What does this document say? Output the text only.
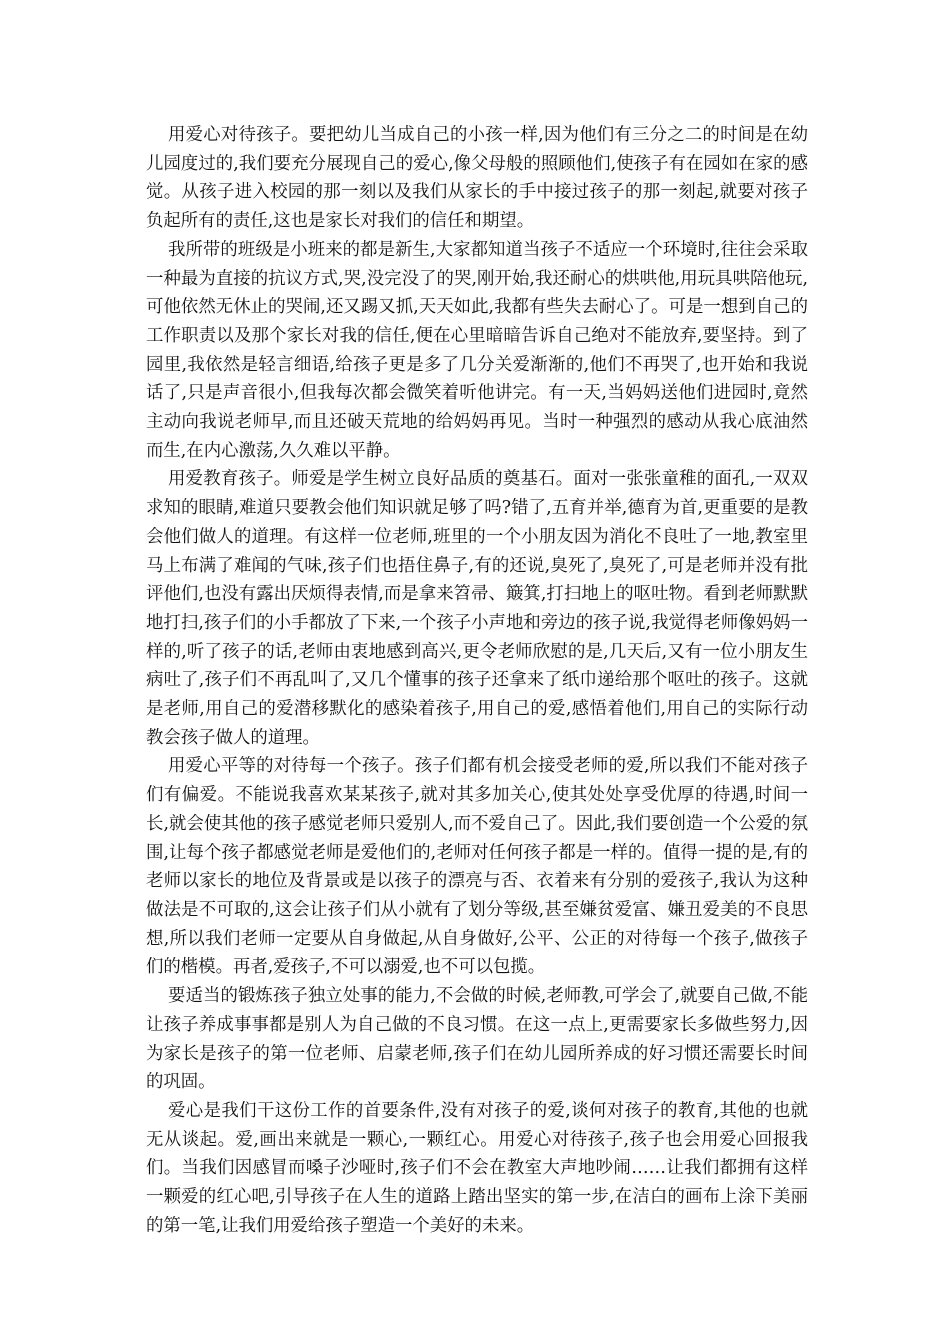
用爱心对待孩子。要把幼儿当成自己的小孩一样,因为他们有三分之二的时间是在幼儿园度过的,我们要充分展现自己的爱心,像父母般的照顾他们,使孩子有在园如在家的感觉。从孩子进入校园的那一刻以及我们从家长的手中接过孩子的那一刻起,就要对孩子负起所有的责任,这也是家长对我们的信任和期望。

我所带的班级是小班来的都是新生,大家都知道当孩子不适应一个环境时,往往会采取一种最为直接的抗议方式,哭,没完没了的哭,刚开始,我还耐心的烘哄他,用玩具哄陪他玩,可他依然无休止的哭闹,还又踢又抓,天天如此,我都有些失去耐心了。可是一想到自己的工作职责以及那个家长对我的信任,便在心里暗暗告诉自己绝对不能放弃,要坚持。到了园里,我依然是轻言细语,给孩子更是多了几分关爱渐渐的,他们不再哭了,也开始和我说话了,只是声音很小,但我每次都会微笑着听他讲完。有一天,当妈妈送他们进园时,竟然主动向我说老师早,而且还破天荒地的给妈妈再见。当时一种强烈的感动从我心底油然而生,在内心激荡,久久难以平静。

用爱教育孩子。师爱是学生树立良好品质的奠基石。面对一张张童稚的面孔,一双双求知的眼睛,难道只要教会他们知识就足够了吗?错了,五育并举,德育为首,更重要的是教会他们做人的道理。有这样一位老师,班里的一个小朋友因为消化不良吐了一地,教室里马上布满了难闻的气味,孩子们也捂住鼻子,有的还说,臭死了,臭死了,可是老师并没有批评他们,也没有露出厌烦得表情,而是拿来笤帚、簸箕,打扫地上的呕吐物。看到老师默默地打扫,孩子们的小手都放了下来,一个孩子小声地和旁边的孩子说,我觉得老师像妈妈一样的,听了孩子的话,老师由衷地感到高兴,更令老师欣慰的是,几天后,又有一位小朋友生病吐了,孩子们不再乱叫了,又几个懂事的孩子还拿来了纸巾递给那个呕吐的孩子。这就是老师,用自己的爱潜移默化的感染着孩子,用自己的爱,感悟着他们,用自己的实际行动教会孩子做人的道理。

用爱心平等的对待每一个孩子。孩子们都有机会接受老师的爱,所以我们不能对孩子们有偏爱。不能说我喜欢某某孩子,就对其多加关心,使其处处享受优厚的待遇,时间一长,就会使其他的孩子感觉老师只爱别人,而不爱自己了。因此,我们要创造一个公爱的氛围,让每个孩子都感觉老师是爱他们的,老师对任何孩子都是一样的。值得一提的是,有的老师以家长的地位及背景或是以孩子的漂亮与否、衣着来有分别的爱孩子,我认为这种做法是不可取的,这会让孩子们从小就有了划分等级,甚至嫌贫爱富、嫌丑爱美的不良思想,所以我们老师一定要从自身做起,从自身做好,公平、公正的对待每一个孩子,做孩子们的楷模。再者,爱孩子,不可以溺爱,也不可以包揽。

要适当的锻炼孩子独立处事的能力,不会做的时候,老师教,可学会了,就要自己做,不能让孩子养成事事都是别人为自己做的不良习惯。在这一点上,更需要家长多做些努力,因为家长是孩子的第一位老师、启蒙老师,孩子们在幼儿园所养成的好习惯还需要长时间的巩固。

爱心是我们干这份工作的首要条件,没有对孩子的爱,谈何对孩子的教育,其他的也就无从谈起。爱,画出来就是一颗心,一颗红心。用爱心对待孩子,孩子也会用爱心回报我们。当我们因感冒而嗓子沙哑时,孩子们不会在教室大声地吵闹……让我们都拥有这样一颗爱的红心吧,引导孩子在人生的道路上踏出坚实的第一步,在洁白的画布上涂下美丽的第一笔,让我们用爱给孩子塑造一个美好的未来。
